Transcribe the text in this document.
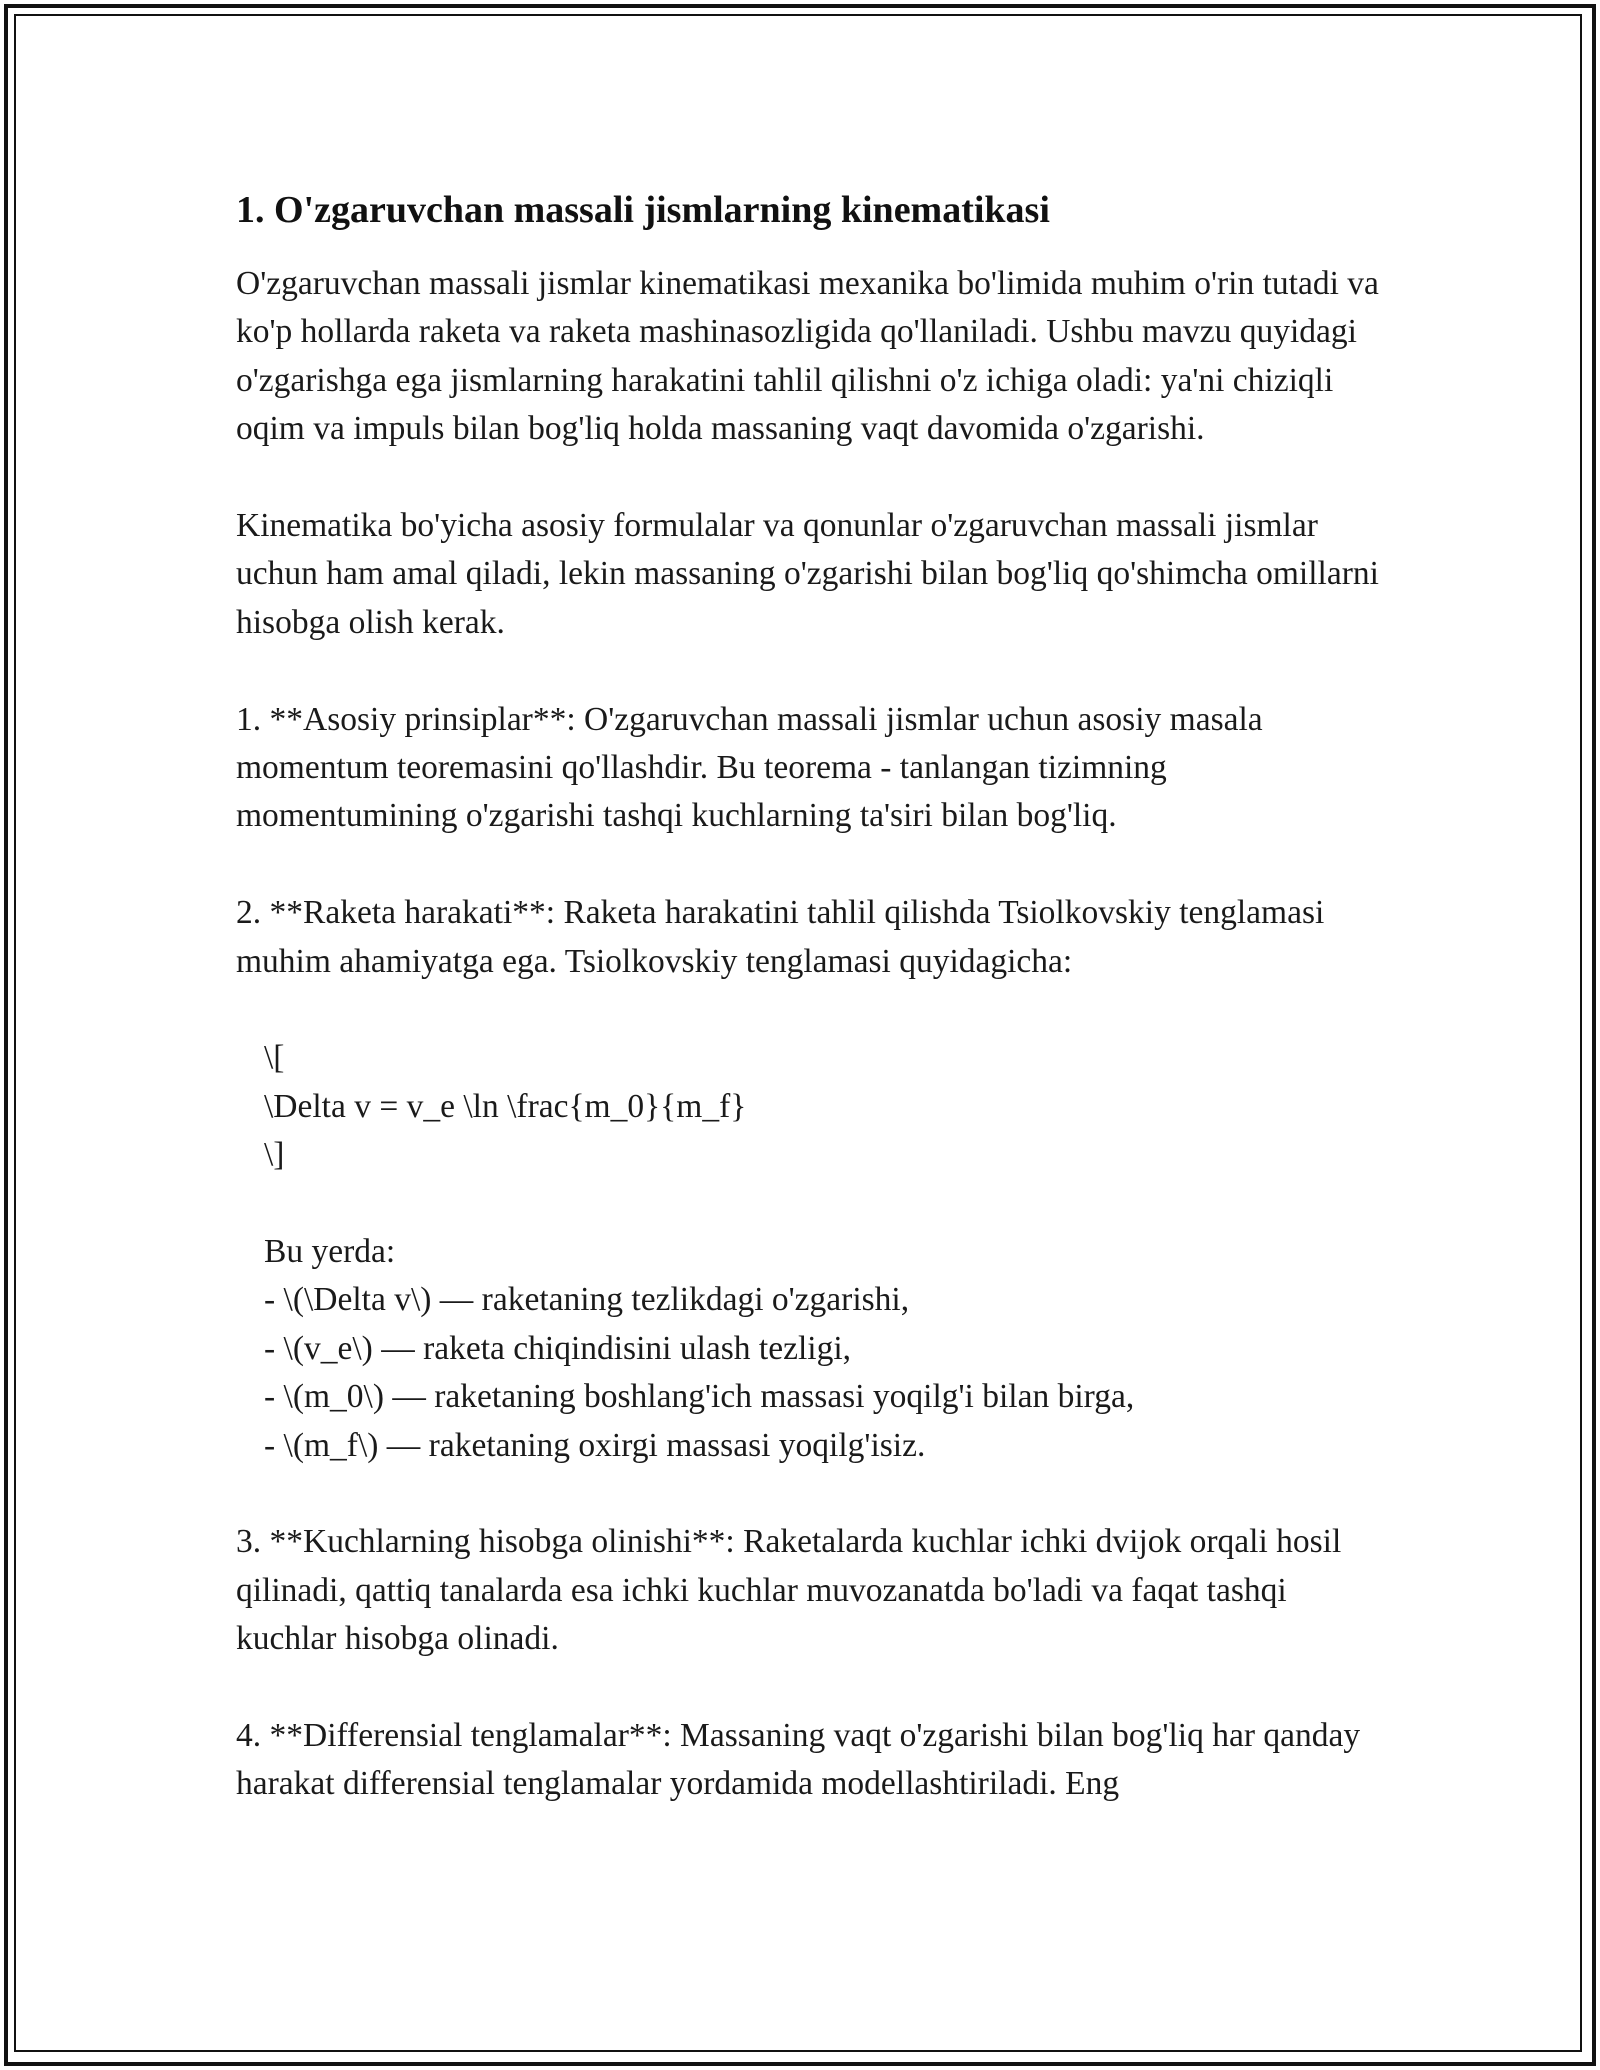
1. O'zgaruvchan massali jismlarning kinematikasi

O'zgaruvchan massali jismlar kinematikasi mexanika bo'limida muhim o'rin tutadi va ko'p hollarda raketa va raketa mashinasozligida qo'llaniladi. Ushbu mavzu quyidagi o'zgarishga ega jismlarning harakatini tahlil qilishni o'z ichiga oladi: ya'ni chiziqli oqim va impuls bilan bog'liq holda massaning vaqt davomida o'zgarishi.

Kinematika bo'yicha asosiy formulalar va qonunlar o'zgaruvchan massali jismlar uchun ham amal qiladi, lekin massaning o'zgarishi bilan bog'liq qo'shimcha omillarni hisobga olish kerak.

1. **Asosiy prinsiplar**: O'zgaruvchan massali jismlar uchun asosiy masala momentum teoremasini qo'llashdir. Bu teorema - tanlangan tizimning momentumining o'zgarishi tashqi kuchlarning ta'siri bilan bog'liq.

2. **Raketa harakati**: Raketa harakatini tahlil qilishda Tsiolkovskiy tenglamasi muhim ahamiyatga ega. Tsiolkovskiy tenglamasi quyidagicha:

\[
\Delta v = v_e \ln \frac{m_0}{m_f}
\]
Bu yerda:
- \(\Delta v\) — raketaning tezlikdagi o'zgarishi,
- \(v_e\) — raketa chiqindisini ulash tezligi,
- \(m_0\) — raketaning boshlang'ich massasi yoqilg'i bilan birga,
- \(m_f\) — raketaning oxirgi massasi yoqilg'isiz.

3. **Kuchlarning hisobga olinishi**: Raketalarda kuchlar ichki dvijok orqali hosil qilinadi, qattiq tanalarda esa ichki kuchlar muvozanatda bo'ladi va faqat tashqi kuchlar hisobga olinadi.

4. **Differensial tenglamalar**: Massaning vaqt o'zgarishi bilan bog'liq har qanday harakat differensial tenglamalar yordamida modellashtiriladi. Eng
